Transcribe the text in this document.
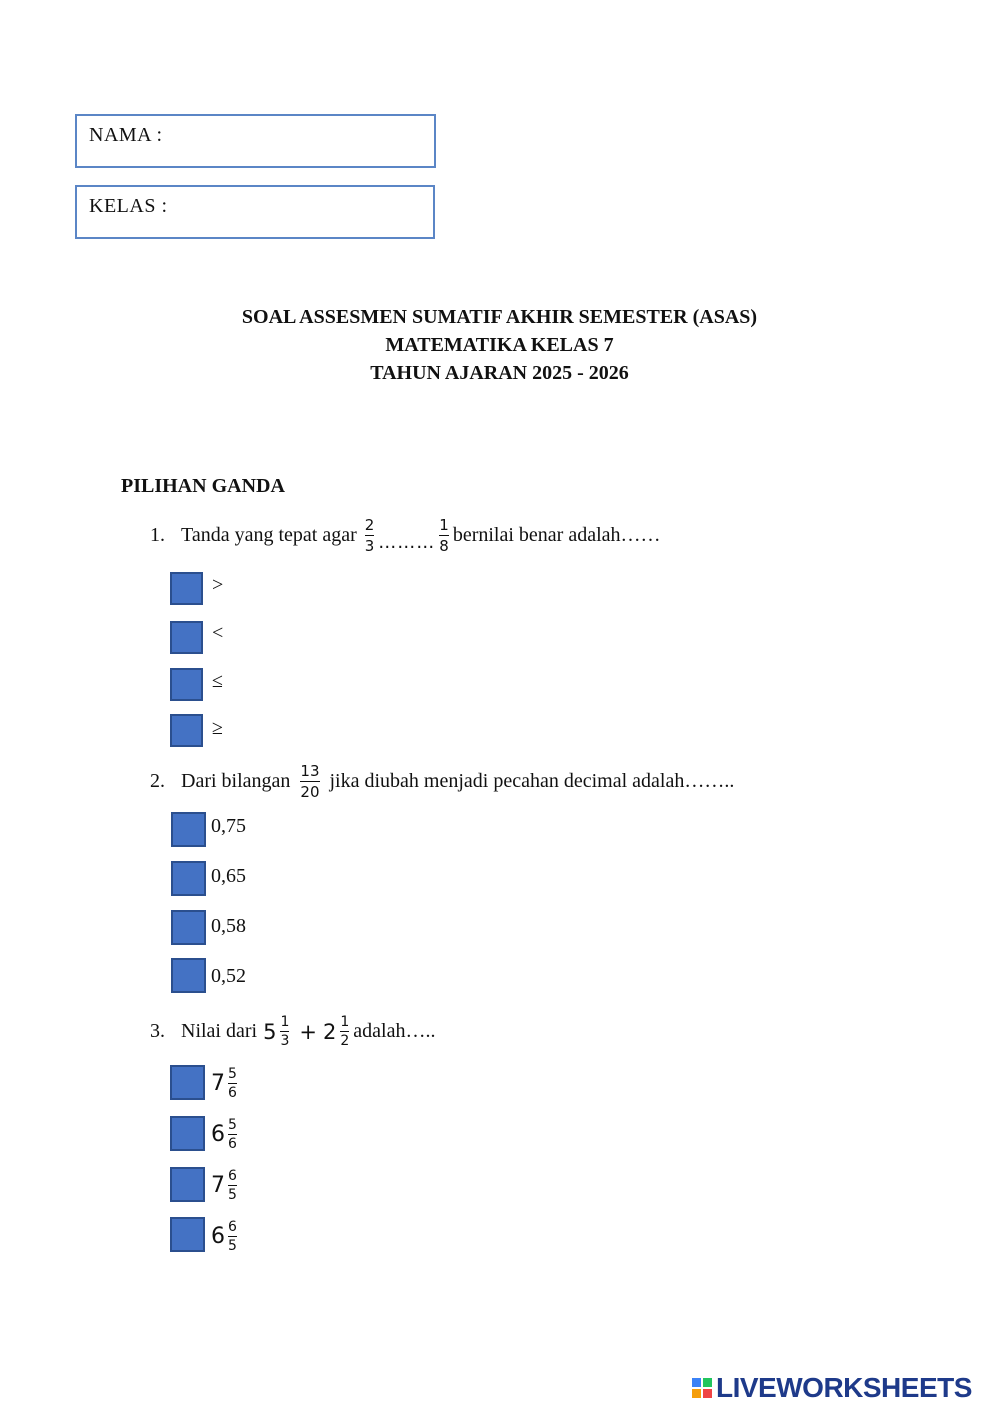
NAMA :
KELAS :
SOAL ASSESMEN SUMATIF AKHIR SEMESTER (ASAS)
MATEMATIKA KELAS 7
TAHUN AJARAN 2025 - 2026
PILIHAN GANDA
1. Tanda yang tepat agar $\frac{2}{3}$ ……… $\frac{1}{8}$ bernilai benar adalah……
>
<
≤
≥
2. Dari bilangan $\frac{13}{20}$ jika diubah menjadi pecahan decimal adalah……..
0,75
0,65
0,58
0,52
3. Nilai dari $5 \frac{1}{3} + 2 \frac{1}{2}$ adalah…..
$7 \frac{5}{6}$
$6 \frac{5}{6}$
$7 \frac{6}{5}$
$6 \frac{6}{5}$
LIVEWORKSHEETS
